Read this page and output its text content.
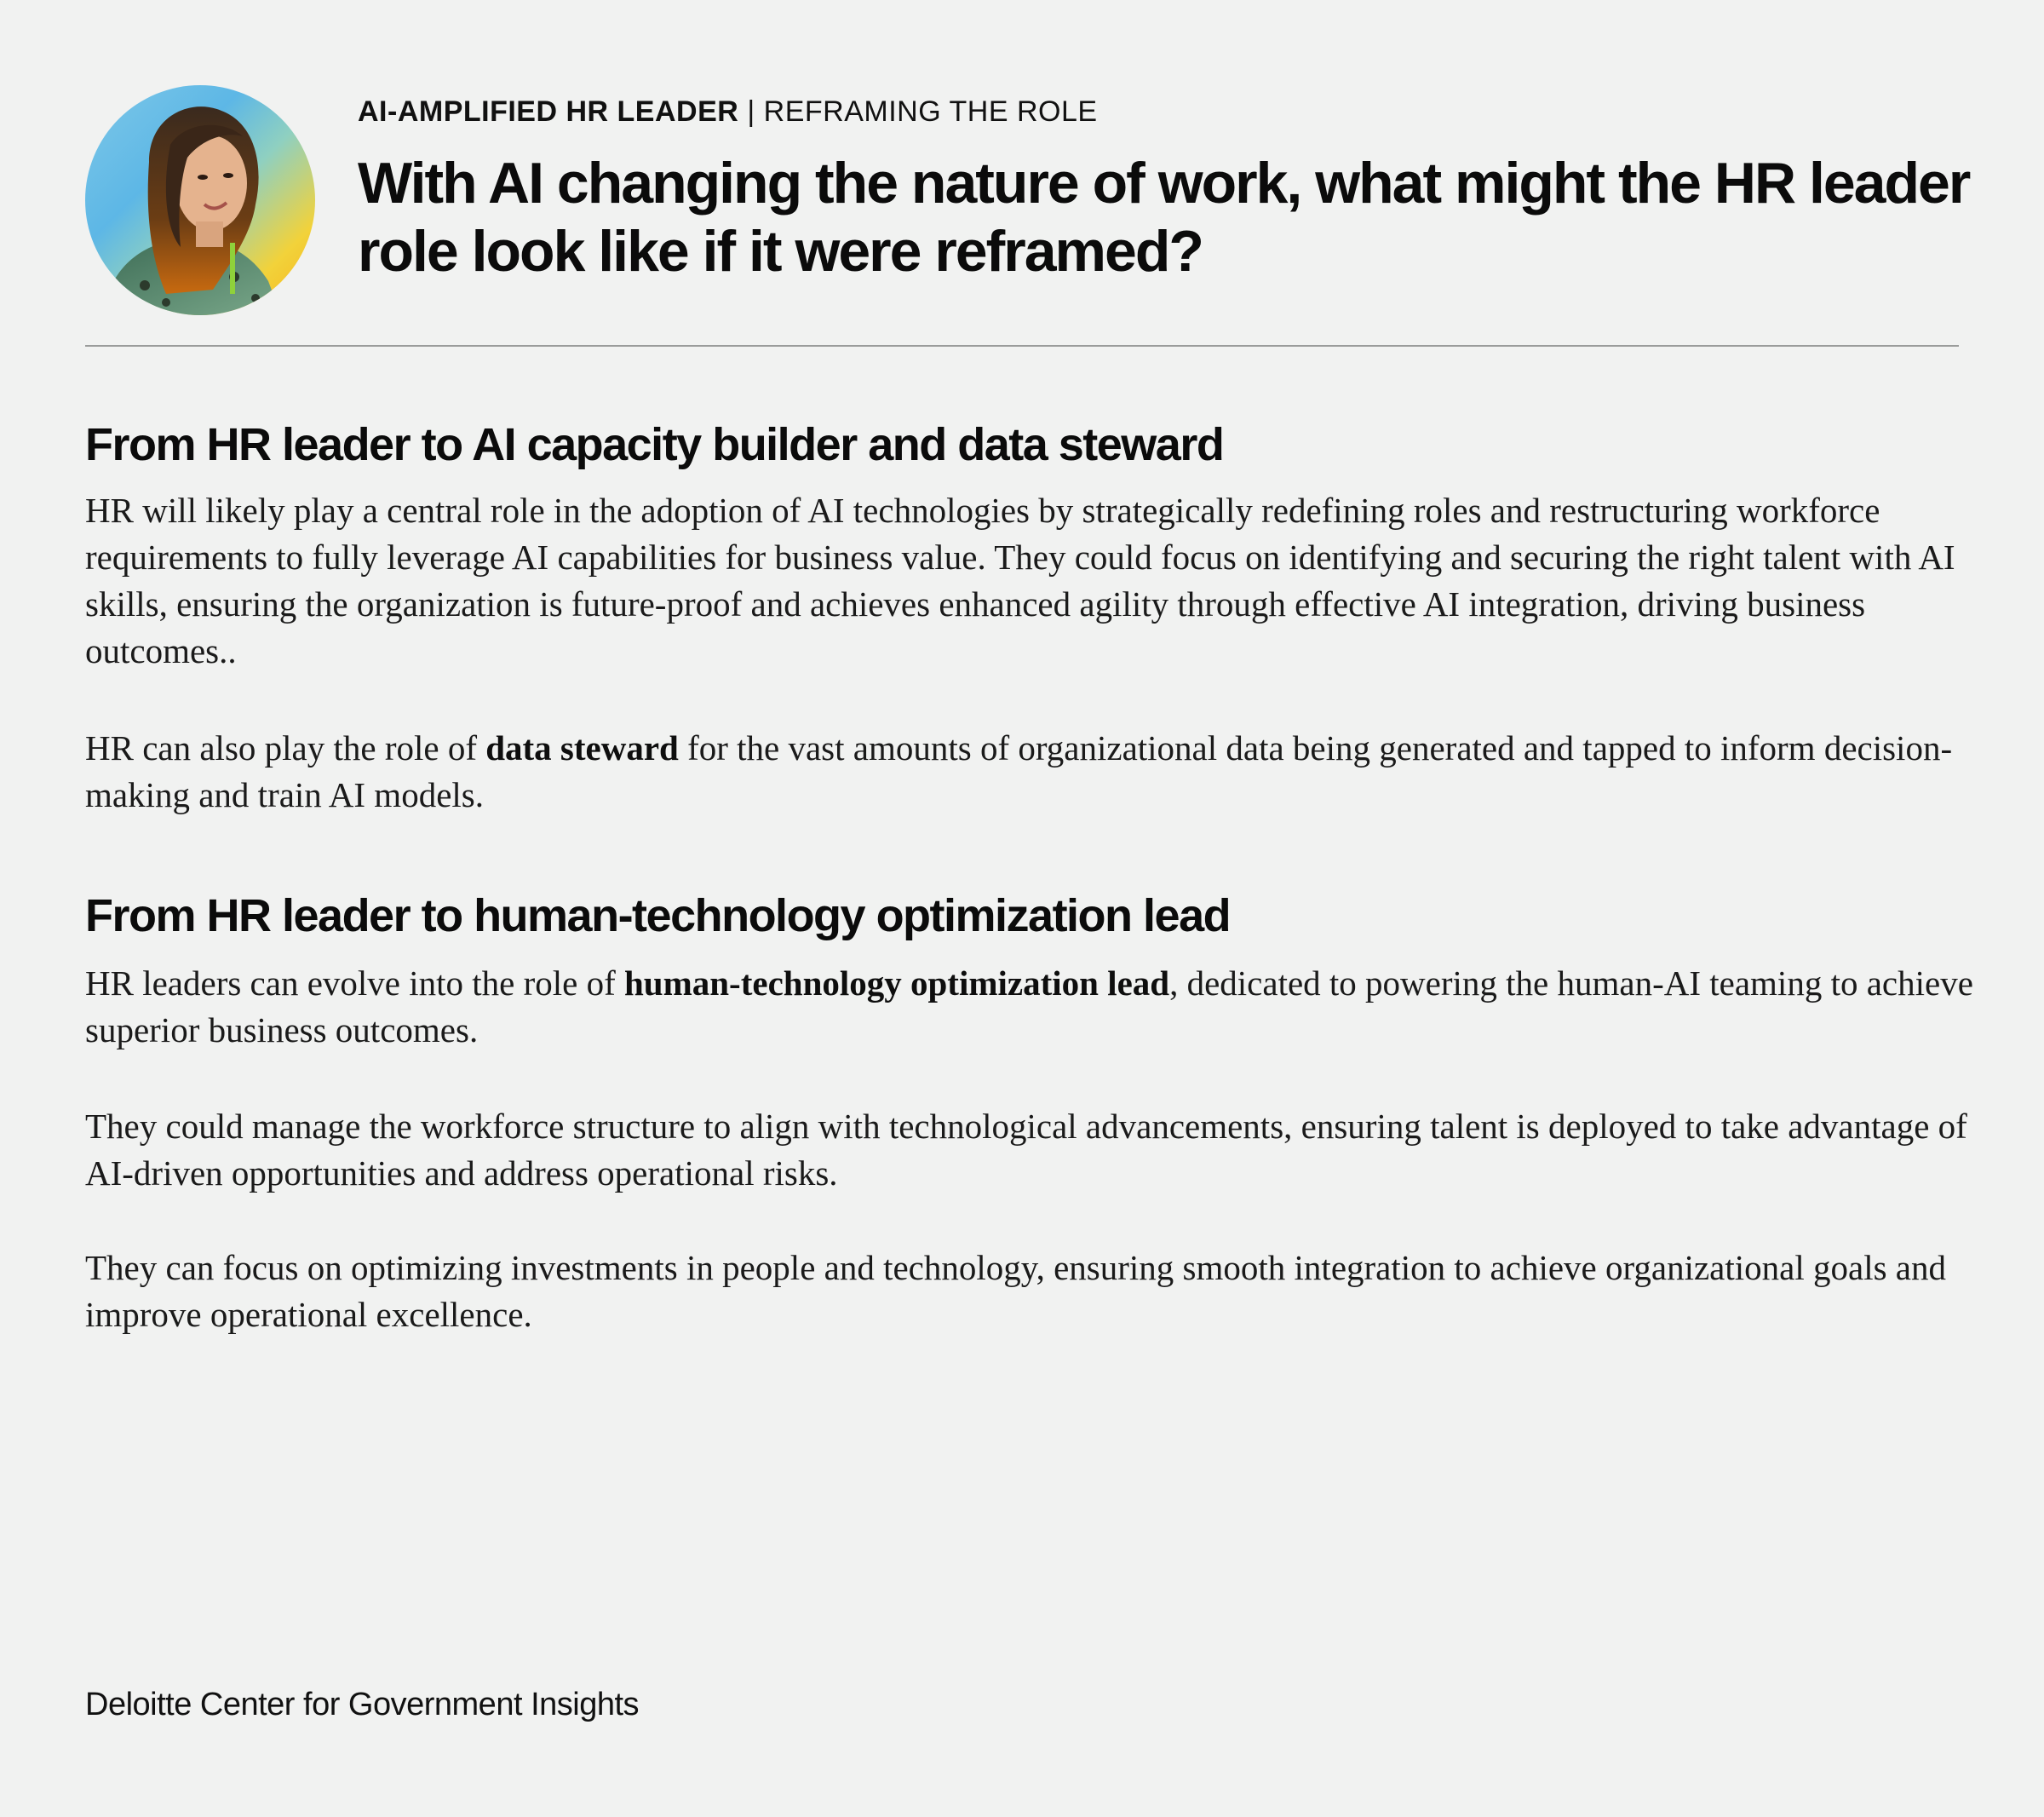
AI-AMPLIFIED HR LEADER | REFRAMING THE ROLE
With AI changing the nature of work, what might the HR leader role look like if it were reframed?
From HR leader to AI capacity builder and data steward

HR will likely play a central role in the adoption of AI technologies by strategically redefining roles and restructuring workforce requirements to fully leverage AI capabilities for business value. They could focus on identifying and securing the right talent with AI skills, ensuring the organization is future-proof and achieves enhanced agility through effective AI integration, driving business outcomes..

HR can also play the role of data steward for the vast amounts of organizational data being generated and tapped to inform decision-making and train AI models.

From HR leader to human-technology optimization lead

HR leaders can evolve into the role of human-technology optimization lead, dedicated to powering the human-AI teaming to achieve superior business outcomes.

They could manage the workforce structure to align with technological advancements, ensuring talent is deployed to take advantage of AI-driven opportunities and address operational risks.

They can focus on optimizing investments in people and technology, ensuring smooth integration to achieve organizational goals and improve operational excellence.

Deloitte Center for Government Insights
